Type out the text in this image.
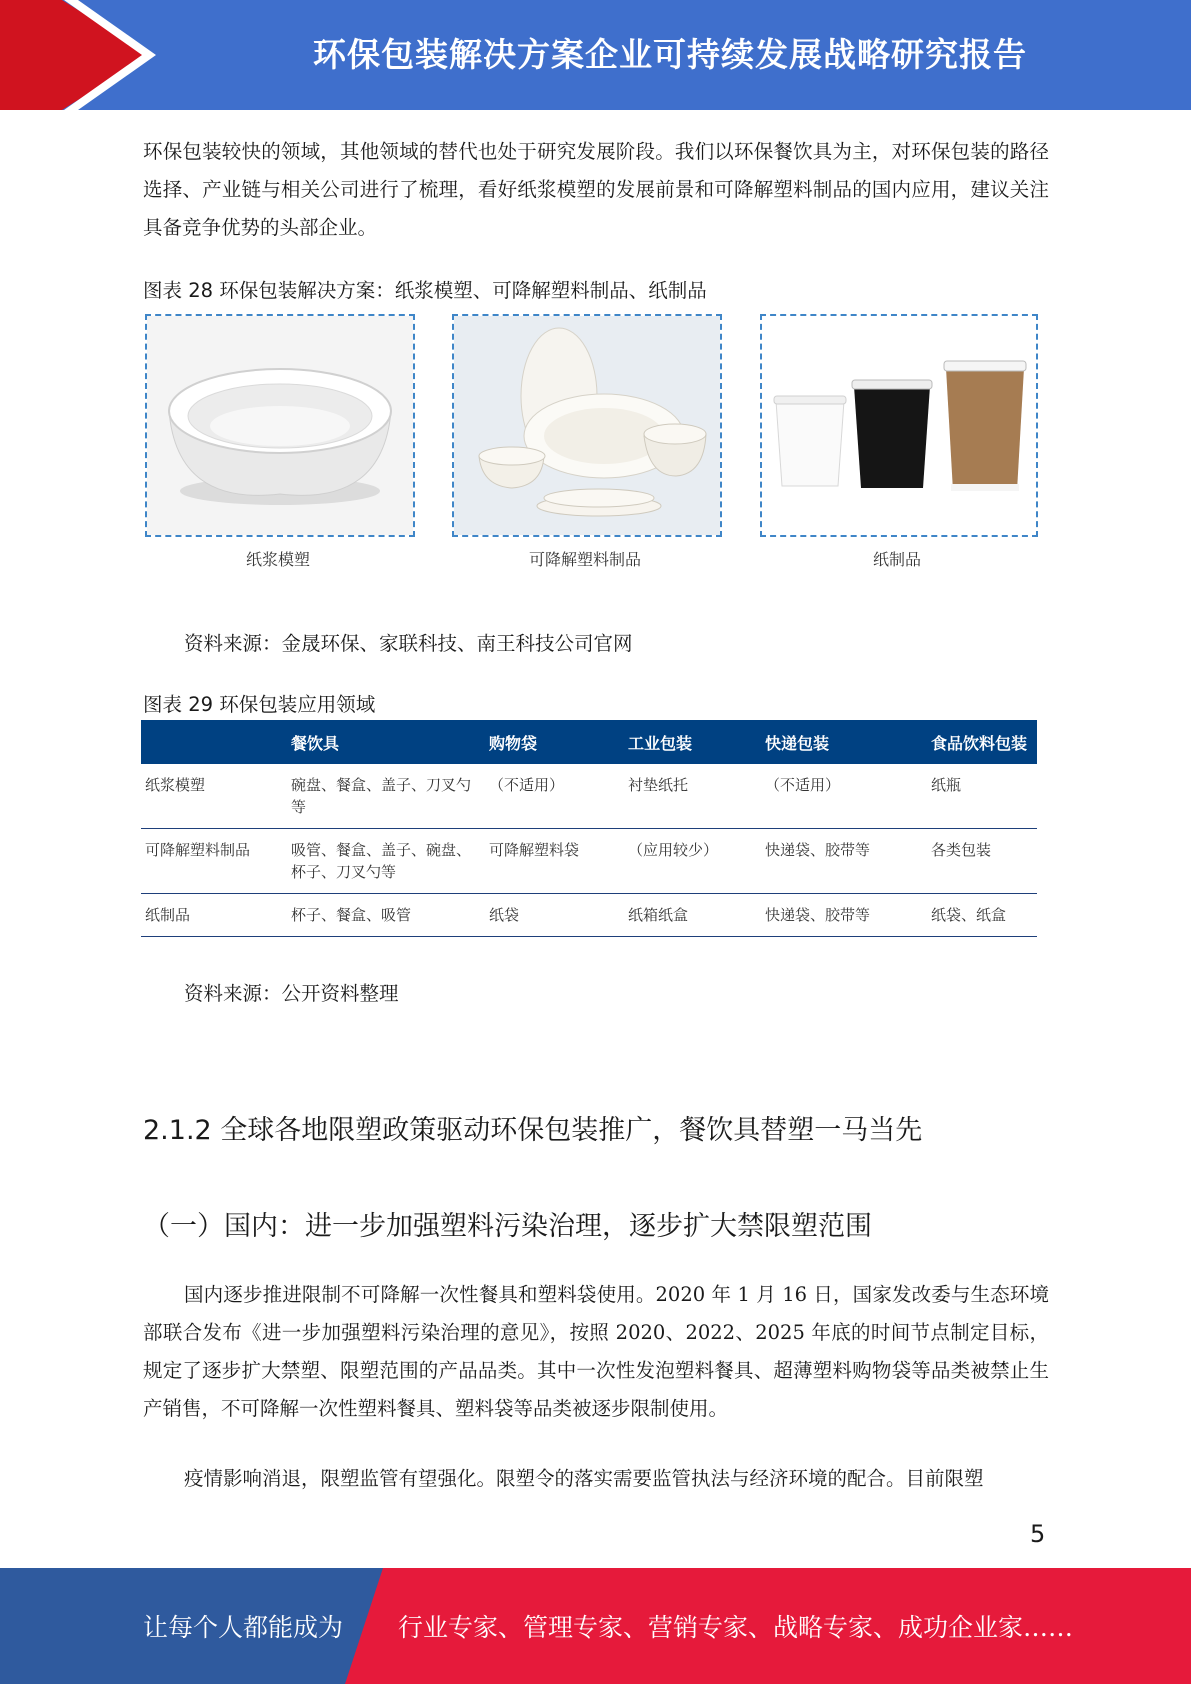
环保包装解决方案企业可持续发展战略研究报告

环保包装较快的领域，其他领域的替代也处于研究发展阶段。我们以环保餐饮具为主，对环保包装的路径选择、产业链与相关公司进行了梳理，看好纸浆模塑的发展前景和可降解塑料制品的国内应用，建议关注具备竞争优势的头部企业。

图表 28 环保包装解决方案：纸浆模塑、可降解塑料制品、纸制品
纸浆模塑	可降解塑料制品	纸制品
资料来源：金晟环保、家联科技、南王科技公司官网
图表 29 环保包装应用领域
	餐饮具	购物袋	工业包装	快递包装	食品饮料包装
纸浆模塑	碗盘、餐盒、盖子、刀叉勺等	（不适用）	衬垫纸托	（不适用）	纸瓶
可降解塑料制品	吸管、餐盒、盖子、碗盘、杯子、刀叉勺等	可降解塑料袋	（应用较少）	快递袋、胶带等	各类包装
纸制品	杯子、餐盒、吸管	纸袋	纸箱纸盒	快递袋、胶带等	纸袋、纸盒
资料来源：公开资料整理
2.1.2 全球各地限塑政策驱动环保包装推广，餐饮具替塑一马当先
（一）国内：进一步加强塑料污染治理，逐步扩大禁限塑范围

国内逐步推进限制不可降解一次性餐具和塑料袋使用。2020 年 1 月 16 日，国家发改委与生态环境部联合发布《进一步加强塑料污染治理的意见》，按照 2020、2022、2025 年底的时间节点制定目标，规定了逐步扩大禁塑、限塑范围的产品品类。其中一次性发泡塑料餐具、超薄塑料购物袋等品类被禁止生产销售，不可降解一次性塑料餐具、塑料袋等品类被逐步限制使用。

疫情影响消退，限塑监管有望强化。限塑令的落实需要监管执法与经济环境的配合。目前限塑

5
让每个人都能成为 行业专家、管理专家、营销专家、战略专家、成功企业家……
